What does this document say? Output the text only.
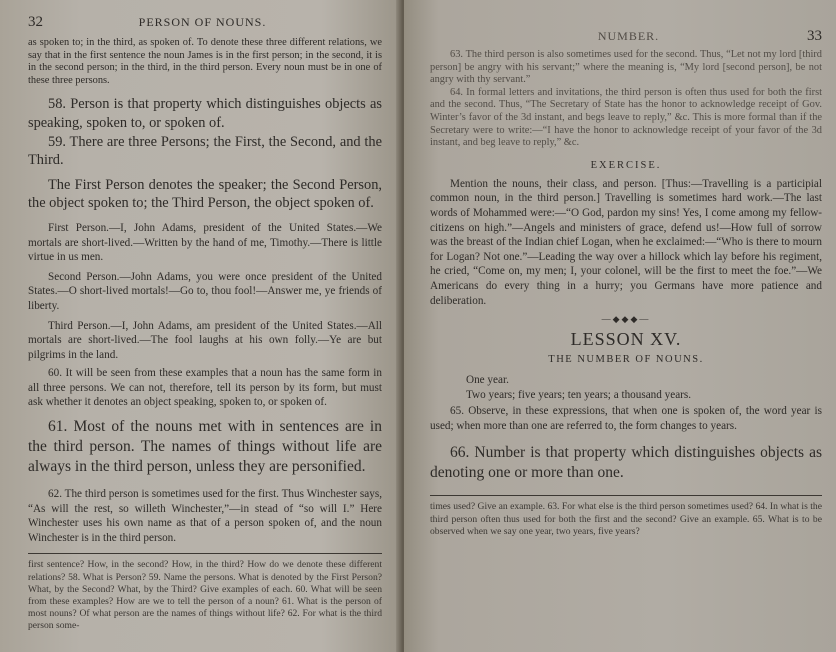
32	PERSON OF NOUNS.

as spoken to; in the third, as spoken of. To denote these three different relations, we say that in the first sentence the noun James is in the first person; in the second, it is in the second person; in the third, in the third person. Every noun must be in one of these three persons.

58. Person is that property which distinguishes objects as speaking, spoken to, or spoken of.

59. There are three Persons; the First, the Second, and the Third.

The First Person denotes the speaker; the Second Person, the object spoken to; the Third Person, the object spoken of.

First Person.—I, John Adams, president of the United States.—We mortals are short-lived.—Written by the hand of me, Timothy.—There is little virtue in us men.

Second Person.—John Adams, you were once president of the United States.—O short-lived mortals!—Go to, thou fool!—Answer me, ye friends of liberty.

Third Person.—I, John Adams, am president of the United States.—All mortals are short-lived.—The fool laughs at his own folly.—Ye are but pilgrims in the land.

60. It will be seen from these examples that a noun has the same form in all three persons. We can not, therefore, tell its person by its form, but must ask whether it denotes an object speaking, spoken to, or spoken of.

61. Most of the nouns met with in sentences are in the third person. The names of things without life are always in the third person, unless they are personified.

62. The third person is sometimes used for the first. Thus Winchester says, “As will the rest, so willeth Winchester,”—in stead of “so will I.” Here Winchester uses his own name as that of a person spoken of, and the noun Winchester is in the third person.

first sentence? How, in the second? How, in the third? How do we denote these different relations? 58. What is Person? 59. Name the persons. What is denoted by the First Person? What, by the Second? What, by the Third? Give examples of each. 60. What will be seen from these examples? How are we to tell the person of a noun? 61. What is the person of most nouns? Of what person are the names of things without life? 62. For what is the third person some-

NUMBER.	33

63. The third person is also sometimes used for the second. Thus, “Let not my lord [third person] be angry with his servant;” where the meaning is, “My lord [second person], be not angry with thy servant.”

64. In formal letters and invitations, the third person is often thus used for both the first and the second. Thus, “The Secretary of State has the honor to acknowledge receipt of Gov. Winter’s favor of the 3d instant, and begs leave to reply,” &c. This is more formal than if the Secretary were to write:—“I have the honor to acknowledge receipt of your favor of the 3d instant, and beg leave to reply,” &c.

EXERCISE.

Mention the nouns, their class, and person. [Thus:—Travelling is a participial common noun, in the third person.] Travelling is sometimes hard work.—The last words of Mohammed were:—“O God, pardon my sins! Yes, I come among my fellow-citizens on high.”—Angels and ministers of grace, defend us!—How full of sorrow was the breast of the Indian chief Logan, when he exclaimed:—“Who is there to mourn for Logan? Not one.”—Leading the way over a hillock which lay before his regiment, he cried, “Come on, my men; I, your colonel, will be the first to meet the foe.”—We Americans do every thing in a hurry; you Germans have more patience and deliberation.

—◆◆◆—
LESSON XV.
THE NUMBER OF NOUNS.

One year.

Two years; five years; ten years; a thousand years.

65. Observe, in these expressions, that when one is spoken of, the word year is used; when more than one are referred to, the form changes to years.

66. Number is that property which distinguishes objects as denoting one or more than one.

times used? Give an example. 63. For what else is the third person sometimes used? 64. In what is the third person often thus used for both the first and the second? Give an example. 65. What is to be observed when we say one year, two years, five years?
